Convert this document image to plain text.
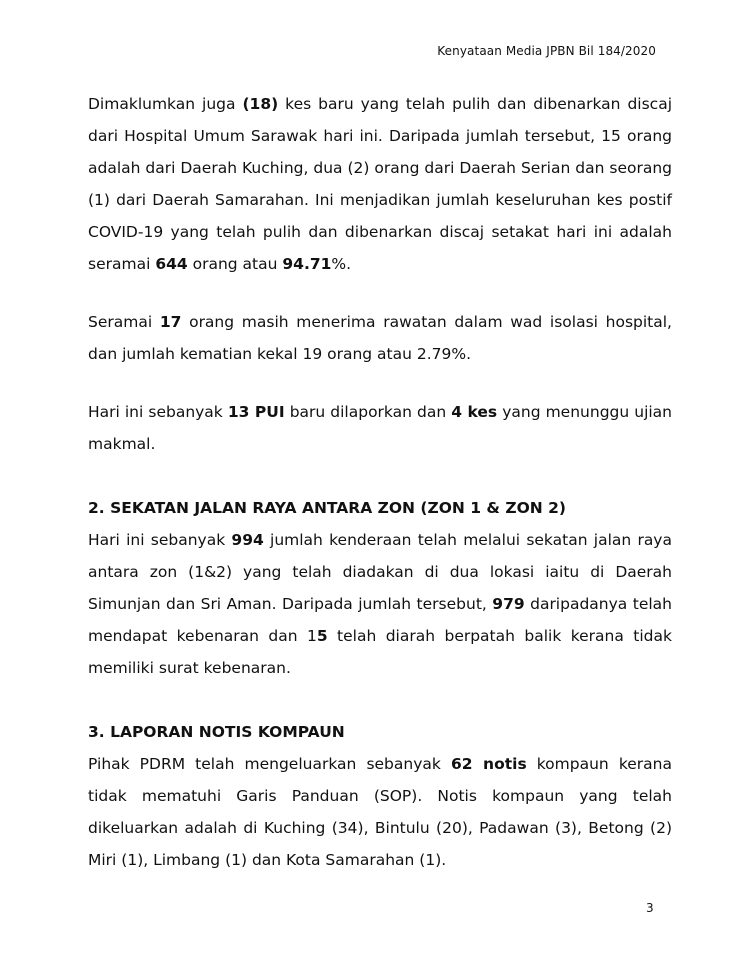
Kenyataan Media JPBN Bil 184/2020

Dimaklumkan juga (18) kes baru yang telah pulih dan dibenarkan discaj dari Hospital Umum Sarawak hari ini. Daripada jumlah tersebut, 15 orang adalah dari Daerah Kuching, dua (2) orang dari Daerah Serian dan seorang (1) dari Daerah Samarahan. Ini menjadikan jumlah keseluruhan kes postif COVID-19 yang telah pulih dan dibenarkan discaj setakat hari ini adalah seramai 644 orang atau 94.71%.

Seramai 17 orang masih menerima rawatan dalam wad isolasi hospital, dan jumlah kematian kekal 19 orang atau 2.79%.

Hari ini sebanyak 13 PUI baru dilaporkan dan 4 kes yang menunggu ujian makmal.

2. SEKATAN JALAN RAYA ANTARA ZON (ZON 1 & ZON 2)

Hari ini sebanyak 994 jumlah kenderaan telah melalui sekatan jalan raya antara zon (1&2) yang telah diadakan di dua lokasi iaitu di Daerah Simunjan dan Sri Aman. Daripada jumlah tersebut, 979 daripadanya telah mendapat kebenaran dan 15 telah diarah berpatah balik kerana tidak memiliki surat kebenaran.

3. LAPORAN NOTIS KOMPAUN

Pihak PDRM telah mengeluarkan sebanyak 62 notis kompaun kerana tidak mematuhi Garis Panduan (SOP). Notis kompaun yang telah dikeluarkan adalah di Kuching (34), Bintulu (20), Padawan (3), Betong (2) Miri (1), Limbang (1) dan Kota Samarahan (1).

3
